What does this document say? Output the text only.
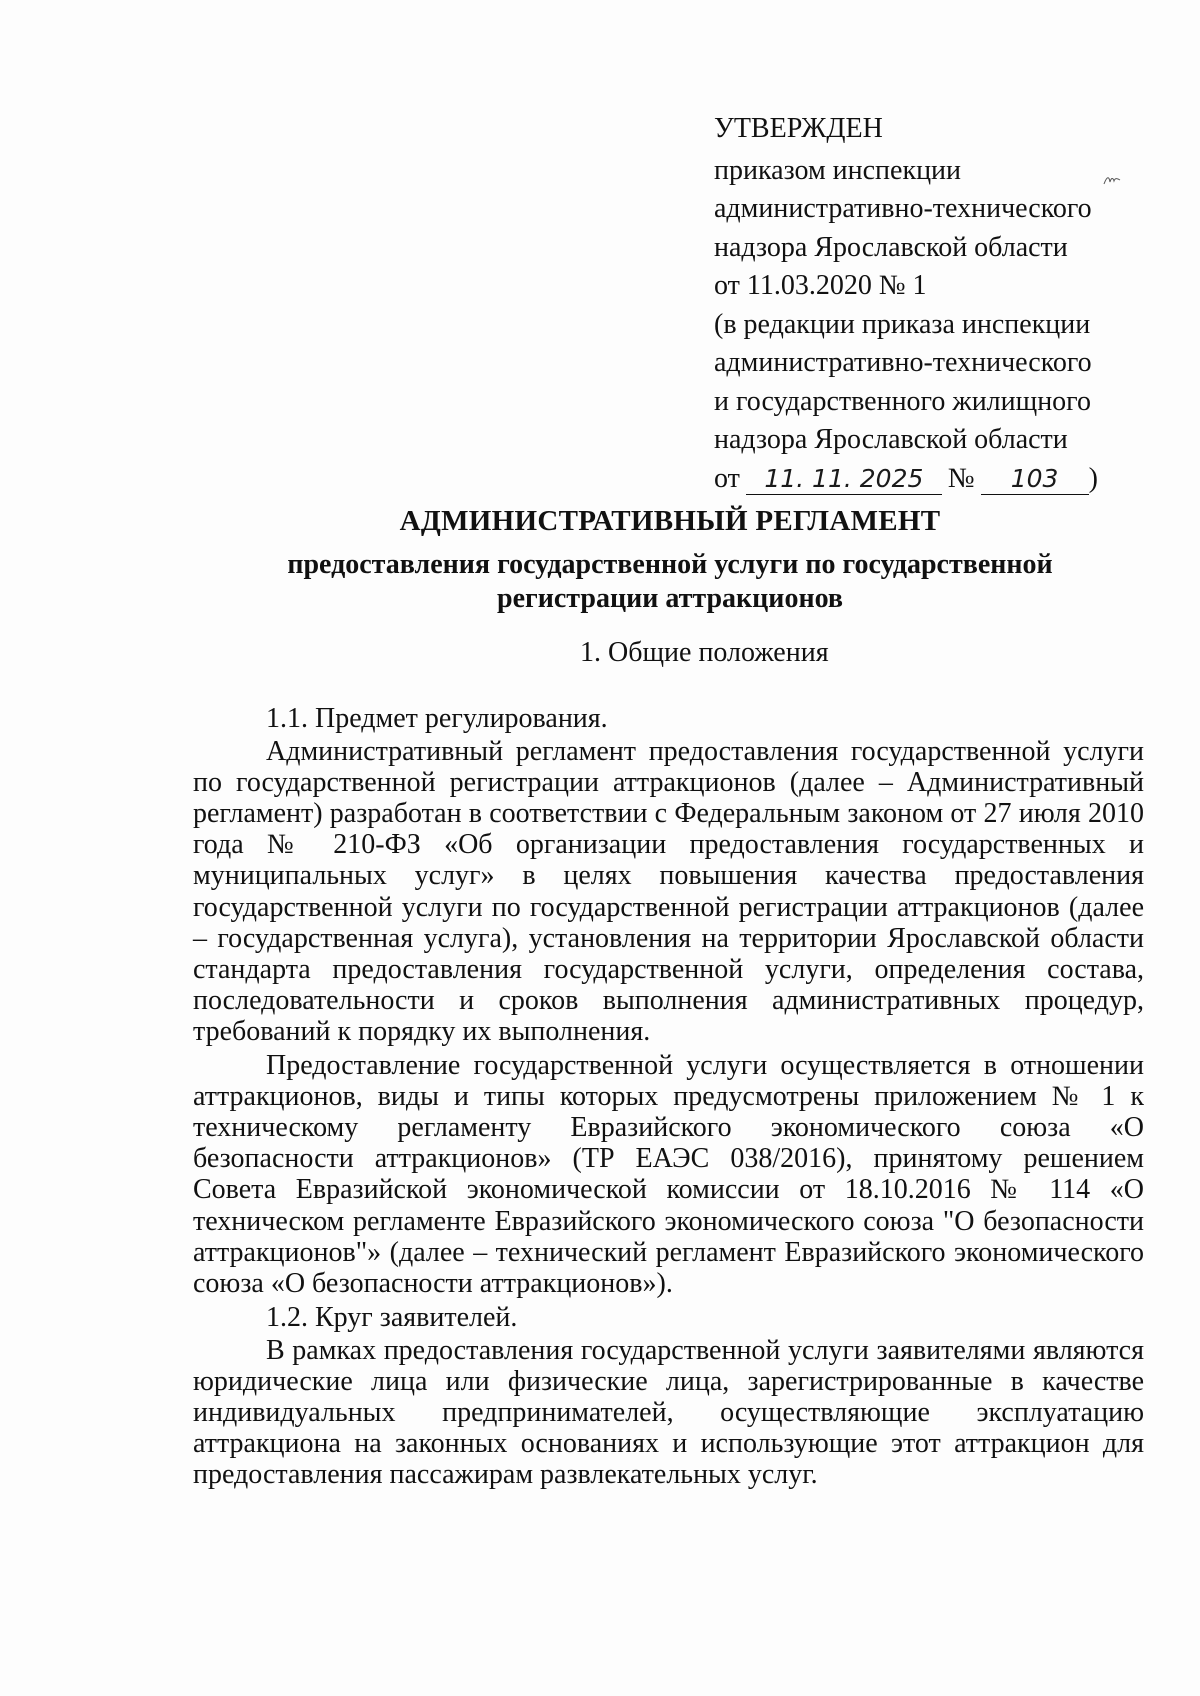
УТВЕРЖДЕН
приказом инспекции
административно-технического
надзора Ярославской области
от 11.03.2020 № 1
(в редакции приказа инспекции
административно-технического
и государственного жилищного
надзора Ярославской области
от 11. 11. 2025 № 103 )
АДМИНИСТРАТИВНЫЙ РЕГЛАМЕНТ
предоставления государственной услуги по государственной
регистрации аттракционов
1. Общие положения

1.1. Предмет регулирования.

Административный регламент предоставления государственной услуги по государственной регистрации аттракционов (далее – Административный регламент) разработан в соответствии с Федеральным законом от 27 июля 2010 года № 210-ФЗ «Об организации предоставления государственных и муниципальных услуг» в целях повышения качества предоставления государственной услуги по государственной регистрации аттракционов (далее – государственная услуга), установления на территории Ярославской области стандарта предоставления государственной услуги, определения состава, последовательности и сроков выполнения административных процедур, требований к порядку их выполнения.

Предоставление государственной услуги осуществляется в отношении аттракционов, виды и типы которых предусмотрены приложением № 1 к техническому регламенту Евразийского экономического союза «О безопасности аттракционов» (ТР ЕАЭС 038/2016), принятому решением Совета Евразийской экономической комиссии от 18.10.2016 № 114 «О техническом регламенте Евразийского экономического союза "О безопасности аттракционов"» (далее – технический регламент Евразийского экономического союза «О безопасности аттракционов»).

1.2. Круг заявителей.

В рамках предоставления государственной услуги заявителями являются юридические лица или физические лица, зарегистрированные в качестве индивидуальных предпринимателей, осуществляющие эксплуатацию аттракциона на законных основаниях и использующие этот аттракцион для предоставления пассажирам развлекательных услуг.
